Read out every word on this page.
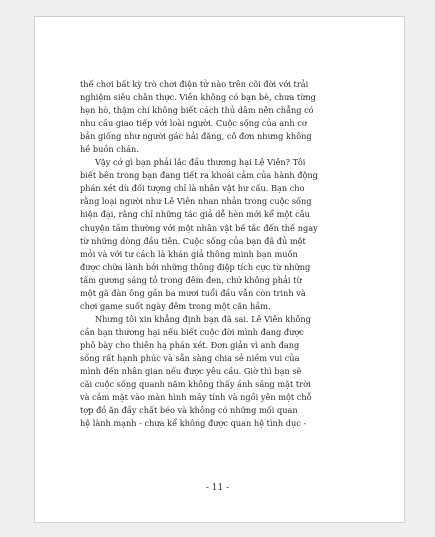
thế chơi bất kỳ trò chơi điện tử nào trên cõi đời với trải
nghiệm siêu chân thực. Viên không có bạn bè, chưa từng
hẹn hò, thậm chí không biết cách thủ dâm nên chẳng có
nhu cầu giao tiếp với loài người. Cuộc sống của anh cơ
bản giống như người gác hải đăng, cô đơn nhưng không
hề buồn chán.
Vậy cớ gì bạn phải lắc đầu thương hại Lê Viên? Tôi
biết bên trong bạn đang tiết ra khoái cảm của hành động
phán xét dù đối tượng chỉ là nhân vật hư cấu. Bạn cho
rằng loại người như Lê Viên nhan nhản trong cuộc sống
hiện đại, rằng chỉ những tác giả dễ hèn mới kể một câu
chuyện tầm thường với một nhân vật bế tắc đến thế ngay
từ những dòng đầu tiên. Cuộc sống của bạn đã đủ mệt
mỏi và với tư cách là khán giả thông minh bạn muốn
được chữa lành bởi những thông điệp tích cực từ những
tấm gương sáng tỏ trong đêm đen, chứ không phải từ
một gã đàn ông gần ba mươi tuổi đầu vẫn còn trinh và
chơi game suốt ngày đêm trong một căn hầm.
Nhưng tôi xin khẳng định bạn đã sai. Lê Viên không
cần bạn thương hại nếu biết cuộc đời mình đang được
phô bày cho thiên hạ phán xét. Đơn giản vì anh đang
sống rất hạnh phúc và sẵn sàng chia sẻ niềm vui của
mình đến nhân gian nếu được yêu cầu. Giờ thì bạn sẽ
cãi cuộc sống quanh năm không thấy ánh sáng mặt trời
và cắm mặt vào màn hình máy tính và ngồi yên một chỗ
tợp đồ ăn đầy chất béo và không có những mối quan
hệ lành mạnh - chưa kể không được quan hệ tình dục -
- 11 -
